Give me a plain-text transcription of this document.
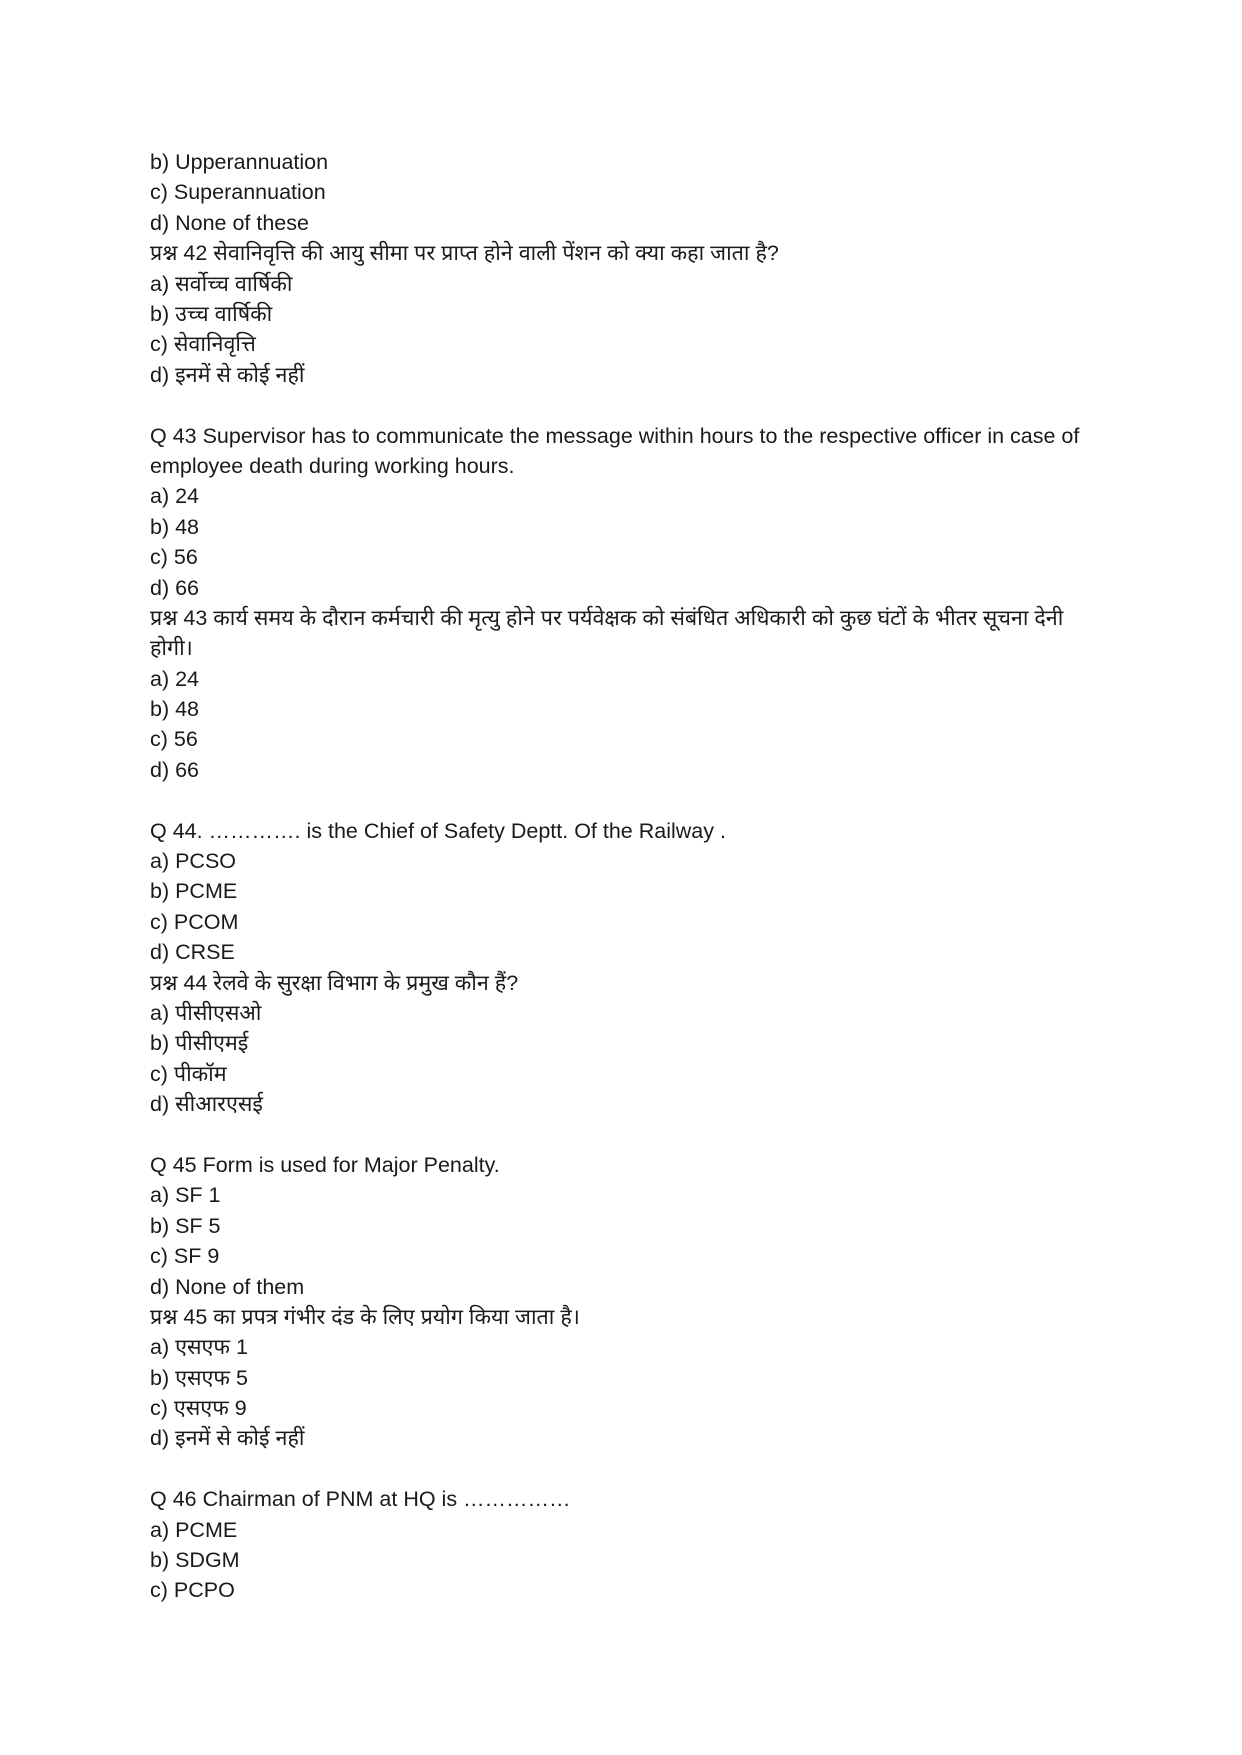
b) Upperannuation
c) Superannuation
d) None of these
प्रश्न 42 सेवानिवृत्ति की आयु सीमा पर प्राप्त होने वाली पेंशन को क्या कहा जाता है?
a) सर्वोच्च वार्षिकी
b) उच्च वार्षिकी
c) सेवानिवृत्ति
d) इनमें से कोई नहीं
Q 43 Supervisor has to communicate the message within hours to the respective officer in case of employee death during working hours.
a) 24
b) 48
c) 56
d) 66
प्रश्न 43 कार्य समय के दौरान कर्मचारी की मृत्यु होने पर पर्यवेक्षक को संबंधित अधिकारी को कुछ घंटों के भीतर सूचना देनी होगी।
a) 24
b) 48
c) 56
d) 66
Q 44. …………. is the Chief of Safety Deptt. Of the Railway .
a) PCSO
b) PCME
c) PCOM
d) CRSE
प्रश्न 44 रेलवे के सुरक्षा विभाग के प्रमुख कौन हैं?
a) पीसीएसओ
b) पीसीएमई
c) पीकॉम
d) सीआरएसई
Q 45 Form is used for Major Penalty.
a) SF 1
b) SF 5
c) SF 9
d) None of them
प्रश्न 45 का प्रपत्र गंभीर दंड के लिए प्रयोग किया जाता है।
a) एसएफ 1
b) एसएफ 5
c) एसएफ 9
d) इनमें से कोई नहीं
Q 46 Chairman of PNM at HQ is ……………
a) PCME
b) SDGM
c) PCPO
